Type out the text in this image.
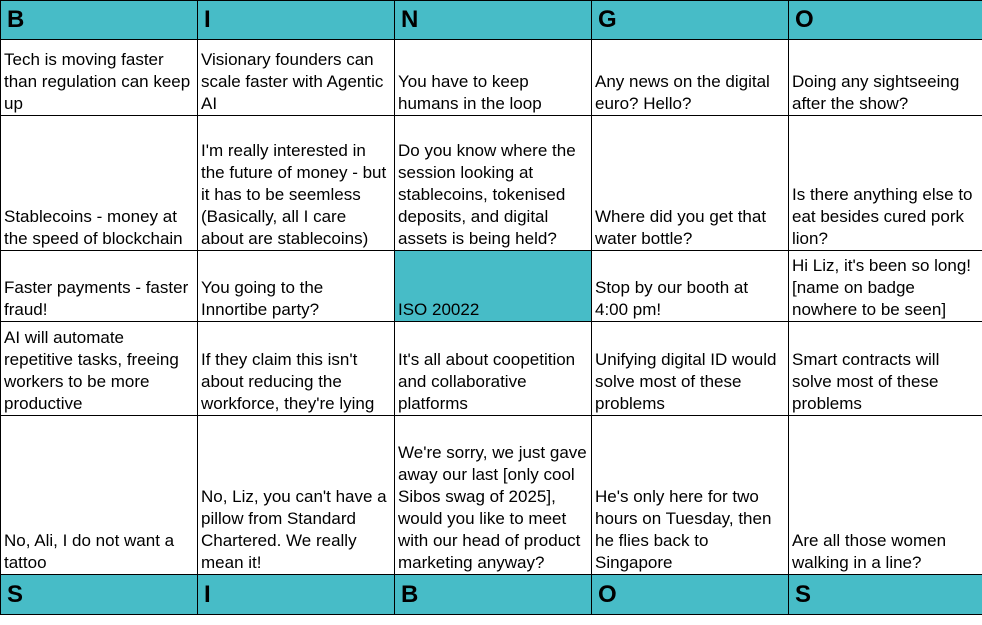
B	I	N	G	O
Tech is moving faster than regulation can keep up	Visionary founders can scale faster with Agentic AI	You have to keep humans in the loop	Any news on the digital euro? Hello?	Doing any sightseeing after the show?
Stablecoins - money at the speed of blockchain	I'm really interested in the future of money - but it has to be seemless (Basically, all I care about are stablecoins)	Do you know where the session looking at stablecoins, tokenised deposits, and digital assets is being held?	Where did you get that water bottle?	Is there anything else to eat besides cured pork lion?
Faster payments - faster fraud!	You going to the Innortibe party?	ISO 20022	Stop by our booth at 4:00 pm!	Hi Liz, it's been so long! [name on badge nowhere to be seen]
AI will automate repetitive tasks, freeing workers to be more productive	If they claim this isn't about reducing the workforce, they're lying	It's all about coopetition and collaborative platforms	Unifying digital ID would solve most of these problems	Smart contracts will solve most of these problems
No, Ali, I do not want a tattoo	No, Liz, you can't have a pillow from Standard Chartered. We really mean it!	We're sorry, we just gave away our last [only cool Sibos swag of 2025], would you like to meet with our head of product marketing anyway?	He's only here for two hours on Tuesday, then he flies back to Singapore	Are all those women walking in a line?
S	I	B	O	S
